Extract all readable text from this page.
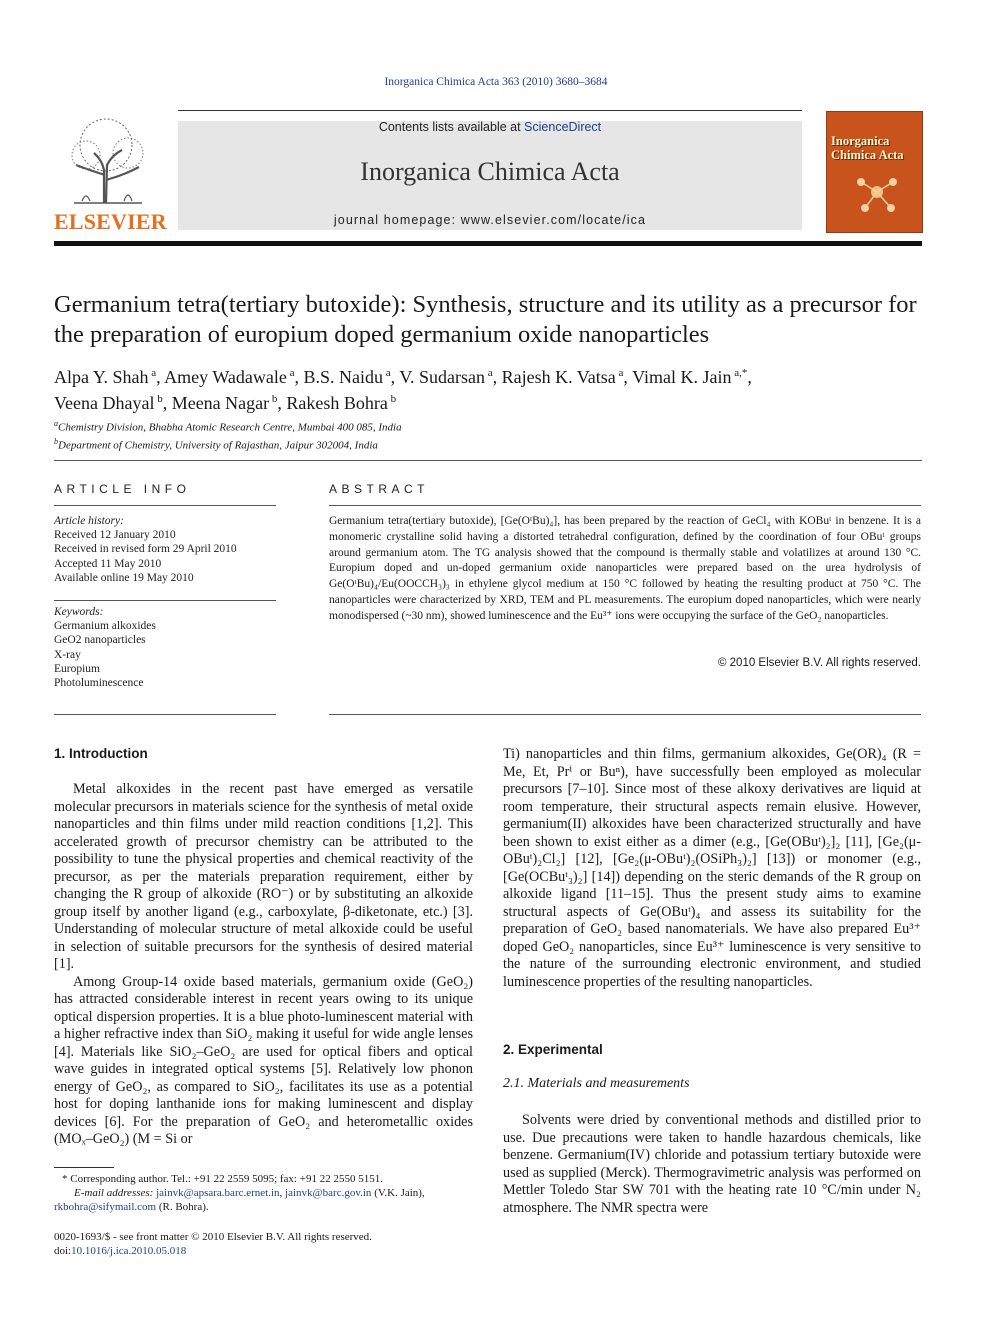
Inorganica Chimica Acta 363 (2010) 3680–3684
ELSEVIER
Contents lists available at ScienceDirect
Inorganica Chimica Acta
journal homepage: www.elsevier.com/locate/ica
Inorganica
Chimica Acta
Germanium tetra(tertiary butoxide): Synthesis, structure and its utility as a precursor for the preparation of europium doped germanium oxide nanoparticles
Alpa Y. Shah $^a$, Amey Wadawale $^a$, B.S. Naidu $^a$, V. Sudarsan $^a$, Rajesh K. Vatsa $^a$, Vimal K. Jain $^{a,*}$,
Veena Dhayal $^b$, Meena Nagar $^b$, Rakesh Bohra $^b$
$^a$Chemistry Division, Bhabha Atomic Research Centre, Mumbai 400 085, India
$^b$Department of Chemistry, University of Rajasthan, Jaipur 302004, India
ARTICLE INFO
Article history:
Received 12 January 2010
Received in revised form 29 April 2010
Accepted 11 May 2010
Available online 19 May 2010
Keywords:
Germanium alkoxides
GeO2 nanoparticles
X-ray
Europium
Photoluminescence
ABSTRACT
Germanium tetra(tertiary butoxide), [Ge(OᵗBu)₄], has been prepared by the reaction of GeCl₄ with KOBuᵗ in benzene. It is a monomeric crystalline solid having a distorted tetrahedral configuration, defined by the coordination of four OBuᵗ groups around germanium atom. The TG analysis showed that the compound is thermally stable and volatilizes at around 130 °C. Europium doped and un-doped germanium oxide nanoparticles were prepared based on the urea hydrolysis of Ge(OᵗBu)₄/Eu(OOCCH₃)₃ in ethylene glycol medium at 150 °C followed by heating the resulting product at 750 °C. The nanoparticles were characterized by XRD, TEM and PL measurements. The europium doped nanoparticles, which were nearly monodispersed (~30 nm), showed luminescence and the Eu³⁺ ions were occupying the surface of the GeO₂ nanoparticles.
© 2010 Elsevier B.V. All rights reserved.
1. Introduction

Metal alkoxides in the recent past have emerged as versatile molecular precursors in materials science for the synthesis of metal oxide nanoparticles and thin films under mild reaction conditions [1,2]. This accelerated growth of precursor chemistry can be attributed to the possibility to tune the physical properties and chemical reactivity of the precursor, as per the materials preparation requirement, either by changing the R group of alkoxide (RO⁻) or by substituting an alkoxide group itself by another ligand (e.g., carboxylate, β-diketonate, etc.) [3]. Understanding of molecular structure of metal alkoxide could be useful in selection of suitable precursors for the synthesis of desired material [1].

Among Group-14 oxide based materials, germanium oxide (GeO₂) has attracted considerable interest in recent years owing to its unique optical dispersion properties. It is a blue photo-luminescent material with a higher refractive index than SiO₂ making it useful for wide angle lenses [4]. Materials like SiO₂–GeO₂ are used for optical fibers and optical wave guides in integrated optical systems [5]. Relatively low phonon energy of GeO₂, as compared to SiO₂, facilitates its use as a potential host for doping lanthanide ions for making luminescent and display devices [6]. For the preparation of GeO₂ and heterometallic oxides (MOₓ–GeO₂) (M = Si or

Ti) nanoparticles and thin films, germanium alkoxides, Ge(OR)₄ (R = Me, Et, Prⁱ or Buⁿ), have successfully been employed as molecular precursors [7–10]. Since most of these alkoxy derivatives are liquid at room temperature, their structural aspects remain elusive. However, germanium(II) alkoxides have been characterized structurally and have been shown to exist either as a dimer (e.g., [Ge(OBuᵗ)₂]₂ [11], [Ge₂(μ-OBuᵗ)₂Cl₂] [12], [Ge₂(μ-OBuᵗ)₂(OSiPh₃)₂] [13]) or monomer (e.g., [Ge(OCBuᵗ₃)₂] [14]) depending on the steric demands of the R group on alkoxide ligand [11–15]. Thus the present study aims to examine structural aspects of Ge(OBuᵗ)₄ and assess its suitability for the preparation of GeO₂ based nanomaterials. We have also prepared Eu³⁺ doped GeO₂ nanoparticles, since Eu³⁺ luminescence is very sensitive to the nature of the surrounding electronic environment, and studied luminescence properties of the resulting nanoparticles.

2. Experimental
2.1. Materials and measurements

Solvents were dried by conventional methods and distilled prior to use. Due precautions were taken to handle hazardous chemicals, like benzene. Germanium(IV) chloride and potassium tertiary butoxide were used as supplied (Merck). Thermogravimetric analysis was performed on Mettler Toledo Star SW 701 with the heating rate 10 °C/min under N₂ atmosphere. The NMR spectra were

* Corresponding author. Tel.: +91 22 2559 5095; fax: +91 22 2550 5151.
E-mail addresses: jainvk@apsara.barc.ernet.in, jainvk@barc.gov.in (V.K. Jain),
rkbohra@sifymail.com (R. Bohra).
0020-1693/$ - see front matter © 2010 Elsevier B.V. All rights reserved.
doi:10.1016/j.ica.2010.05.018
